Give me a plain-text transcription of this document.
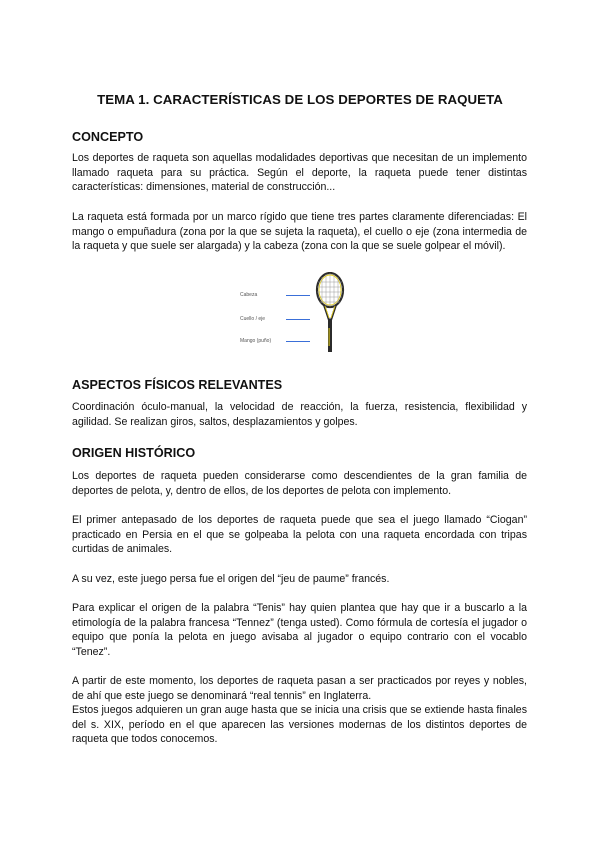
TEMA 1. CARACTERÍSTICAS DE LOS DEPORTES DE RAQUETA
CONCEPTO

Los deportes de raqueta son aquellas modalidades deportivas que necesitan de un implemento llamado raqueta para su práctica. Según el deporte, la raqueta puede tener distintas características: dimensiones, material de construcción...

La raqueta está formada por un marco rígido que tiene tres partes claramente diferenciadas: El mango o empuñadura (zona por la que se sujeta la raqueta), el cuello o eje (zona intermedia de la raqueta y que suele ser alargada) y la cabeza (zona con la que se suele golpear el móvil).

Cabeza
Cuello / eje
Mango (puño)
ASPECTOS FÍSICOS RELEVANTES

Coordinación óculo-manual, la velocidad de reacción, la fuerza, resistencia, flexibilidad y agilidad. Se realizan giros, saltos, desplazamientos y golpes.

ORIGEN HISTÓRICO

Los deportes de raqueta pueden considerarse como descendientes de la gran familia de deportes de pelota, y, dentro de ellos, de los deportes de pelota con implemento.

El primer antepasado de los deportes de raqueta puede que sea el juego llamado “Ciogan” practicado en Persia en el que se golpeaba la pelota con una raqueta encordada con tripas curtidas de animales.

A su vez, este juego persa fue el origen del “jeu de paume” francés.

Para explicar el origen de la palabra “Tenis” hay quien plantea que hay que ir a buscarlo a la etimología de la palabra francesa “Tennez” (tenga usted). Como fórmula de cortesía el jugador o equipo que ponía la pelota en juego avisaba al jugador o equipo contrario con el vocablo “Tenez”.

A partir de este momento, los deportes de raqueta pasan a ser practicados por reyes y nobles, de ahí que este juego se denominará “real tennis” en Inglaterra.

Estos juegos adquieren un gran auge hasta que se inicia una crisis que se extiende hasta finales del s. XIX, período en el que aparecen las versiones modernas de los distintos deportes de raqueta que todos conocemos.
